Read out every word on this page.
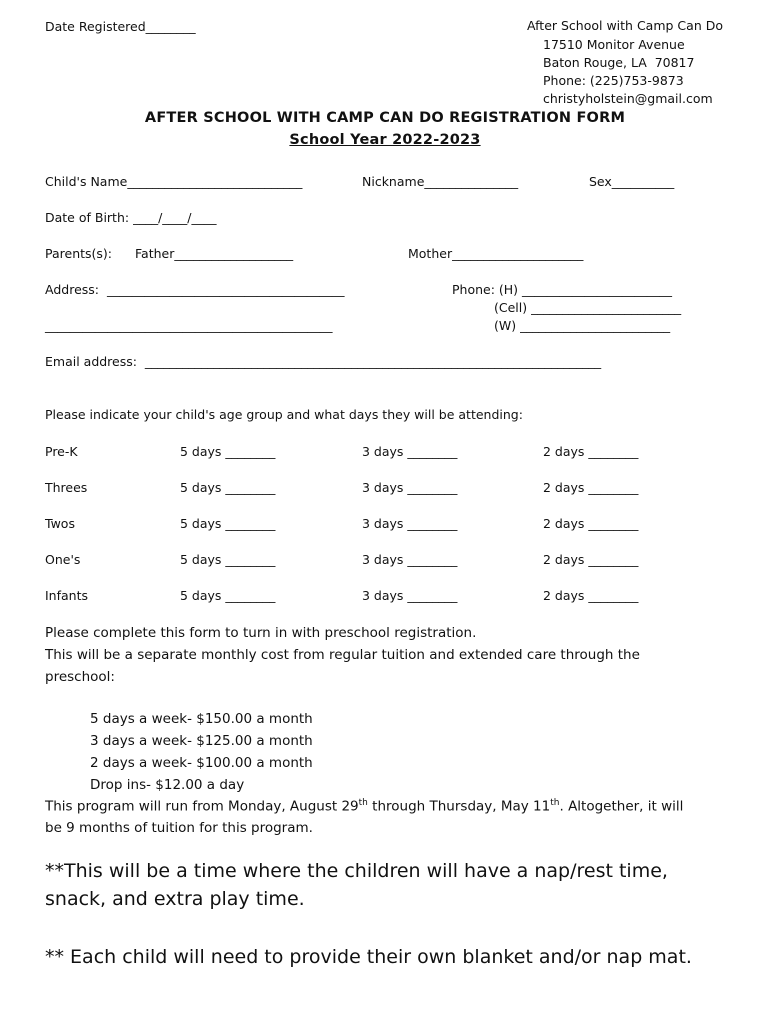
Date Registered________	After School with Camp Can Do
17510 Monitor Avenue
Baton Rouge, LA  70817
Phone: (225)753-9873
christyholstein@gmail.com
AFTER SCHOOL WITH CAMP CAN DO REGISTRATION FORM
School Year 2022-2023
Child's Name____________________________	Nickname_______________	Sex__________
Date of Birth: ____/____/____
Parents(s): Father___________________	Mother_____________________
Address:  ______________________________________
______________________________________________
Phone: (H) ________________________
(Cell) ________________________
(W) ________________________
Email address:  _________________________________________________________________________
Please indicate your child's age group and what days they will be attending:
Pre-K	5 days ________	3 days ________	2 days ________
Threes	5 days ________	3 days ________	2 days ________
Twos	5 days ________	3 days ________	2 days ________
One's	5 days ________	3 days ________	2 days ________
Infants	5 days ________	3 days ________	2 days ________
Please complete this form to turn in with preschool registration.
This will be a separate monthly cost from regular tuition and extended care through the
preschool:
5 days a week- $150.00 a month
3 days a week- $125.00 a month
2 days a week- $100.00 a month
Drop ins- $12.00 a day
This program will run from Monday, August 29th through Thursday, May 11th. Altogether, it will
be 9 months of tuition for this program.
**This will be a time where the children will have a nap/rest time,
snack, and extra play time.
** Each child will need to provide their own blanket and/or nap mat.
